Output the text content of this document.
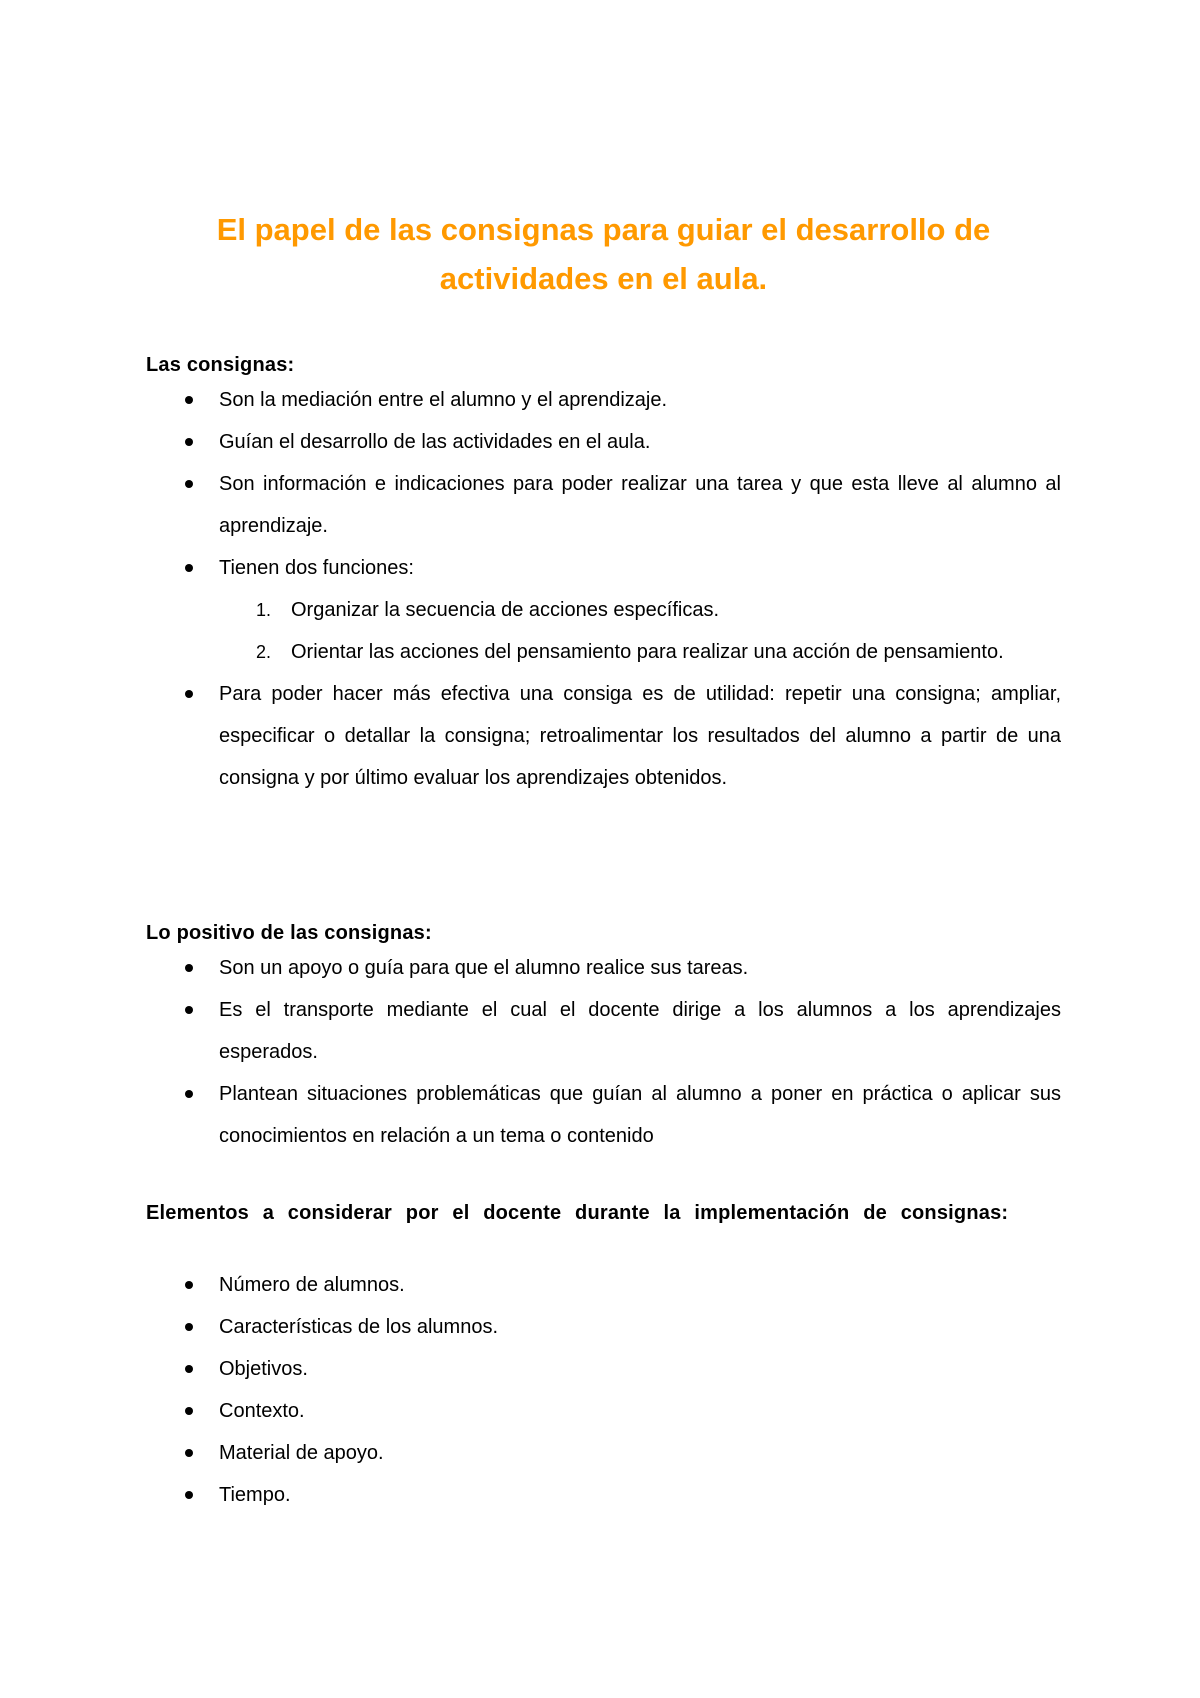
El papel de las consignas para guiar el desarrollo de actividades en el aula.

Las consignas:

Son la mediación entre el alumno y el aprendizaje.
Guían el desarrollo de las actividades en el aula.
Son información e indicaciones para poder realizar una tarea y que esta lleve al alumno al aprendizaje.
Tienen dos funciones:
1. Organizar la secuencia de acciones específicas.
2. Orientar las acciones del pensamiento para realizar una acción de pensamiento.
Para poder hacer más efectiva una consiga es de utilidad: repetir una consigna; ampliar, especificar o detallar la consigna; retroalimentar los resultados del alumno a partir de una consigna y por último evaluar los aprendizajes obtenidos.

Lo positivo de las consignas:

Son un apoyo o guía para que el alumno realice sus tareas.
Es el transporte mediante el cual el docente dirige a los alumnos a los aprendizajes esperados.
Plantean situaciones problemáticas que guían al alumno a poner en práctica o aplicar sus conocimientos en relación a un tema o contenido

Elementos a considerar por el docente durante la implementación de consignas:

Número de alumnos.
Características de los alumnos.
Objetivos.
Contexto.
Material de apoyo.
Tiempo.
